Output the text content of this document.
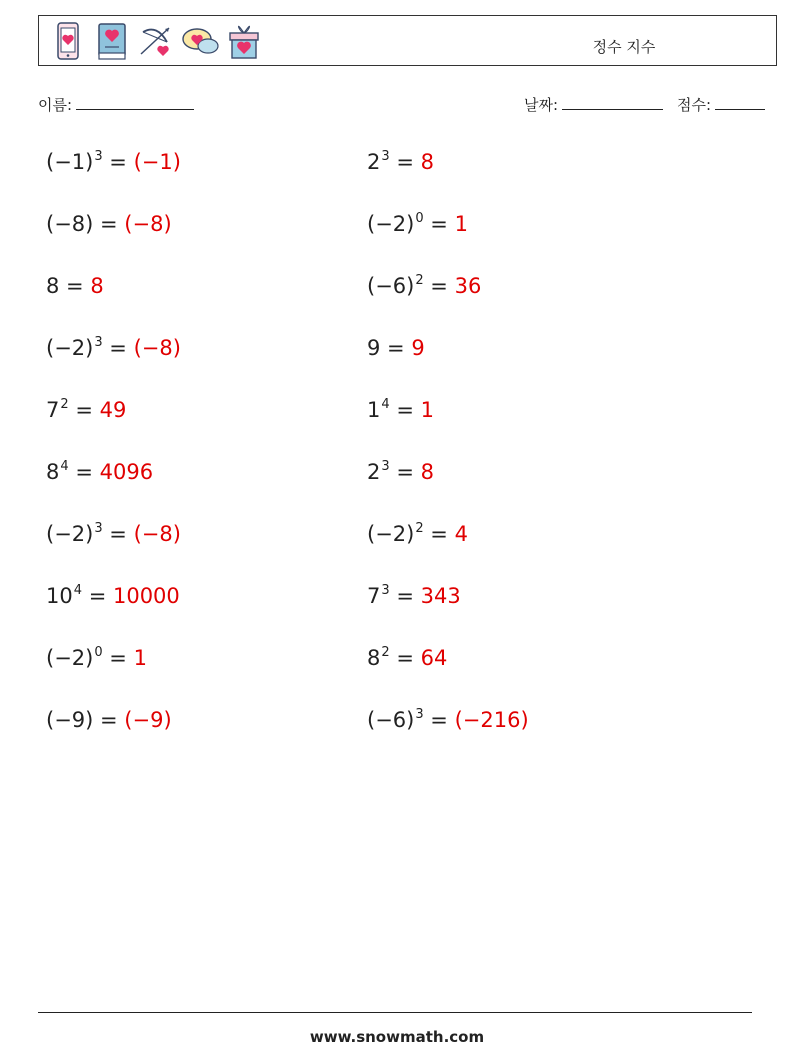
정수 지수
이름:	날짜:	점수:
$(-1)^3 = (-1)$
(−8) = (−8)
8 = 8
$(-2)^3 = (-8)$
$7^2 = 49$
$8^4 = 4096$
$(-2)^3 = (-8)$
$10^4 = 10000$
$(-2)^0 = 1$
(−9) = (−9)
$2^3 = 8$
$(-2)^0 = 1$
$(-6)^2 = 36$
9 = 9
$1^4 = 1$
$2^3 = 8$
$(-2)^2 = 4$
$7^3 = 343$
$8^2 = 64$
$(-6)^3 = (-216)$
www.snowmath.com
